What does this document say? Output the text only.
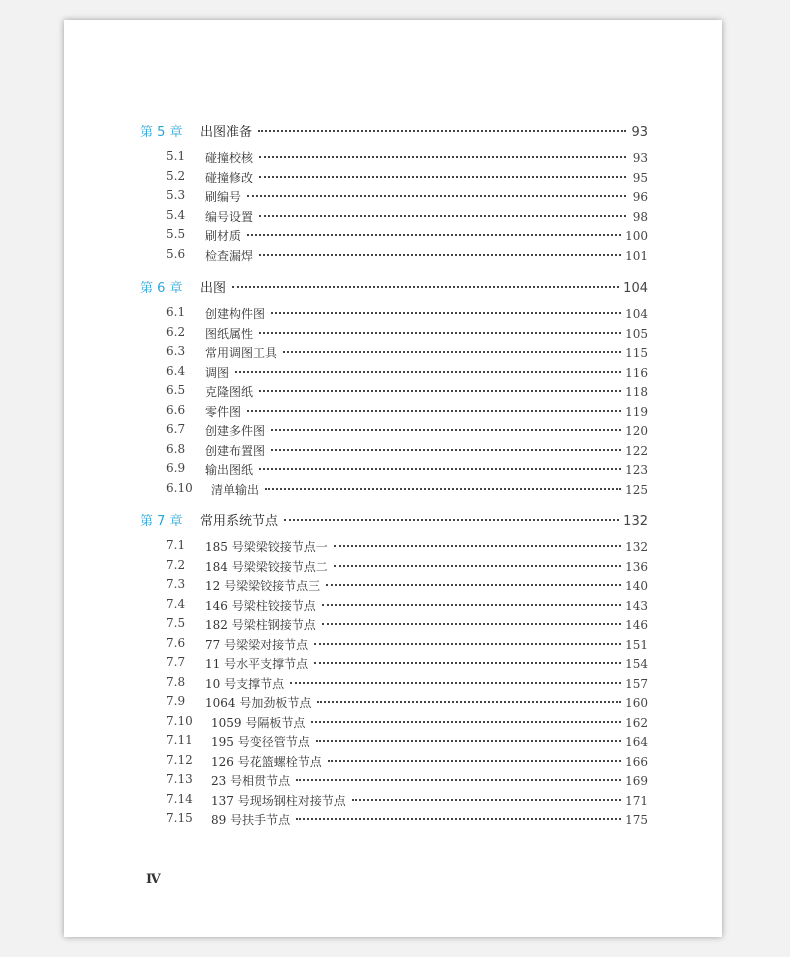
Ⅳ
第 5 章	出图准备	93
5.1	碰撞校核	93
5.2	碰撞修改	95
5.3	刷编号	96
5.4	编号设置	98
5.5	刷材质	100
5.6	检查漏焊	101
第 6 章	出图	104
6.1	创建构件图	104
6.2	图纸属性	105
6.3	常用调图工具	115
6.4	调图	116
6.5	克隆图纸	118
6.6	零件图	119
6.7	创建多件图	120
6.8	创建布置图	122
6.9	输出图纸	123
6.10	清单输出	125
第 7 章	常用系统节点	132
7.1	185 号梁梁铰接节点一	132
7.2	184 号梁梁铰接节点二	136
7.3	12 号梁梁铰接节点三	140
7.4	146 号梁柱铰接节点	143
7.5	182 号梁柱钢接节点	146
7.6	77 号梁梁对接节点	151
7.7	11 号水平支撑节点	154
7.8	10 号支撑节点	157
7.9	1064 号加劲板节点	160
7.10	1059 号隔板节点	162
7.11	195 号变径管节点	164
7.12	126 号花篮螺栓节点	166
7.13	23 号相贯节点	169
7.14	137 号现场钢柱对接节点	171
7.15	89 号扶手节点	175
